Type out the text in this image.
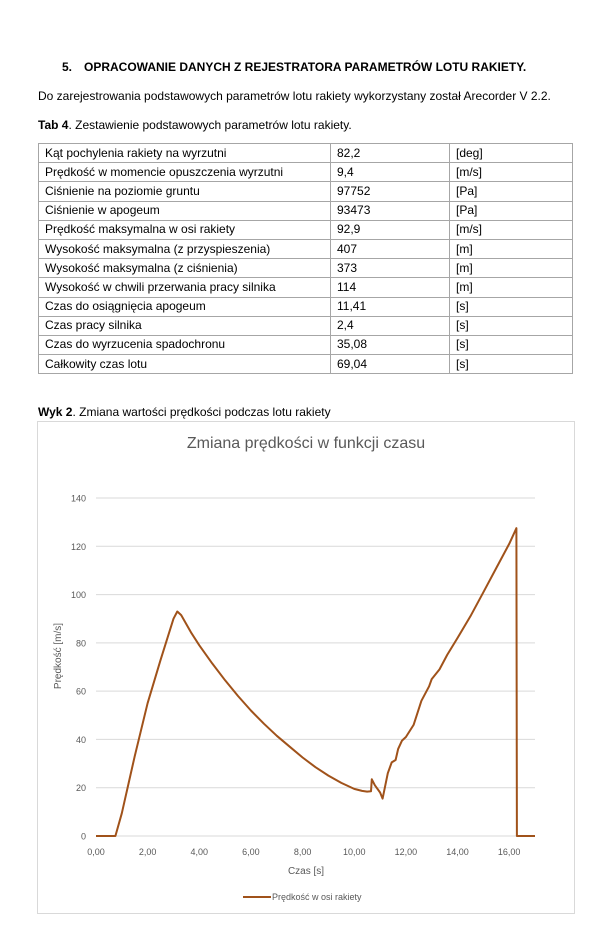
5. OPRACOWANIE DANYCH Z REJESTRATORA PARAMETRÓW LOTU RAKIETY.
Do zarejestrowania podstawowych parametrów lotu rakiety wykorzystany został Arecorder V 2.2.
Tab 4. Zestawienie podstawowych parametrów lotu rakiety.
Kąt pochylenia rakiety na wyrzutni	82,2	[deg]
Prędkość w momencie opuszczenia wyrzutni	9,4	[m/s]
Ciśnienie na poziomie gruntu	97752	[Pa]
Ciśnienie w apogeum	93473	[Pa]
Prędkość maksymalna w osi rakiety	92,9	[m/s]
Wysokość maksymalna (z przyspieszenia)	407	[m]
Wysokość maksymalna (z ciśnienia)	373	[m]
Wysokość w chwili przerwania pracy silnika	114	[m]
Czas do osiągnięcia apogeum	11,41	[s]
Czas pracy silnika	2,4	[s]
Czas do wyrzucenia spadochronu	35,08	[s]
Całkowity czas lotu	69,04	[s]
Wyk 2. Zmiana wartości prędkości podczas lotu rakiety
Zmiana prędkości w funkcji czasu
0
20
40
60
80
100
120
140
0,00	2,00	4,00	6,00	8,00	10,00	12,00	14,00	16,00
Czas [s]
Prędkość [m/s]
Prędkość w osi rakiety
